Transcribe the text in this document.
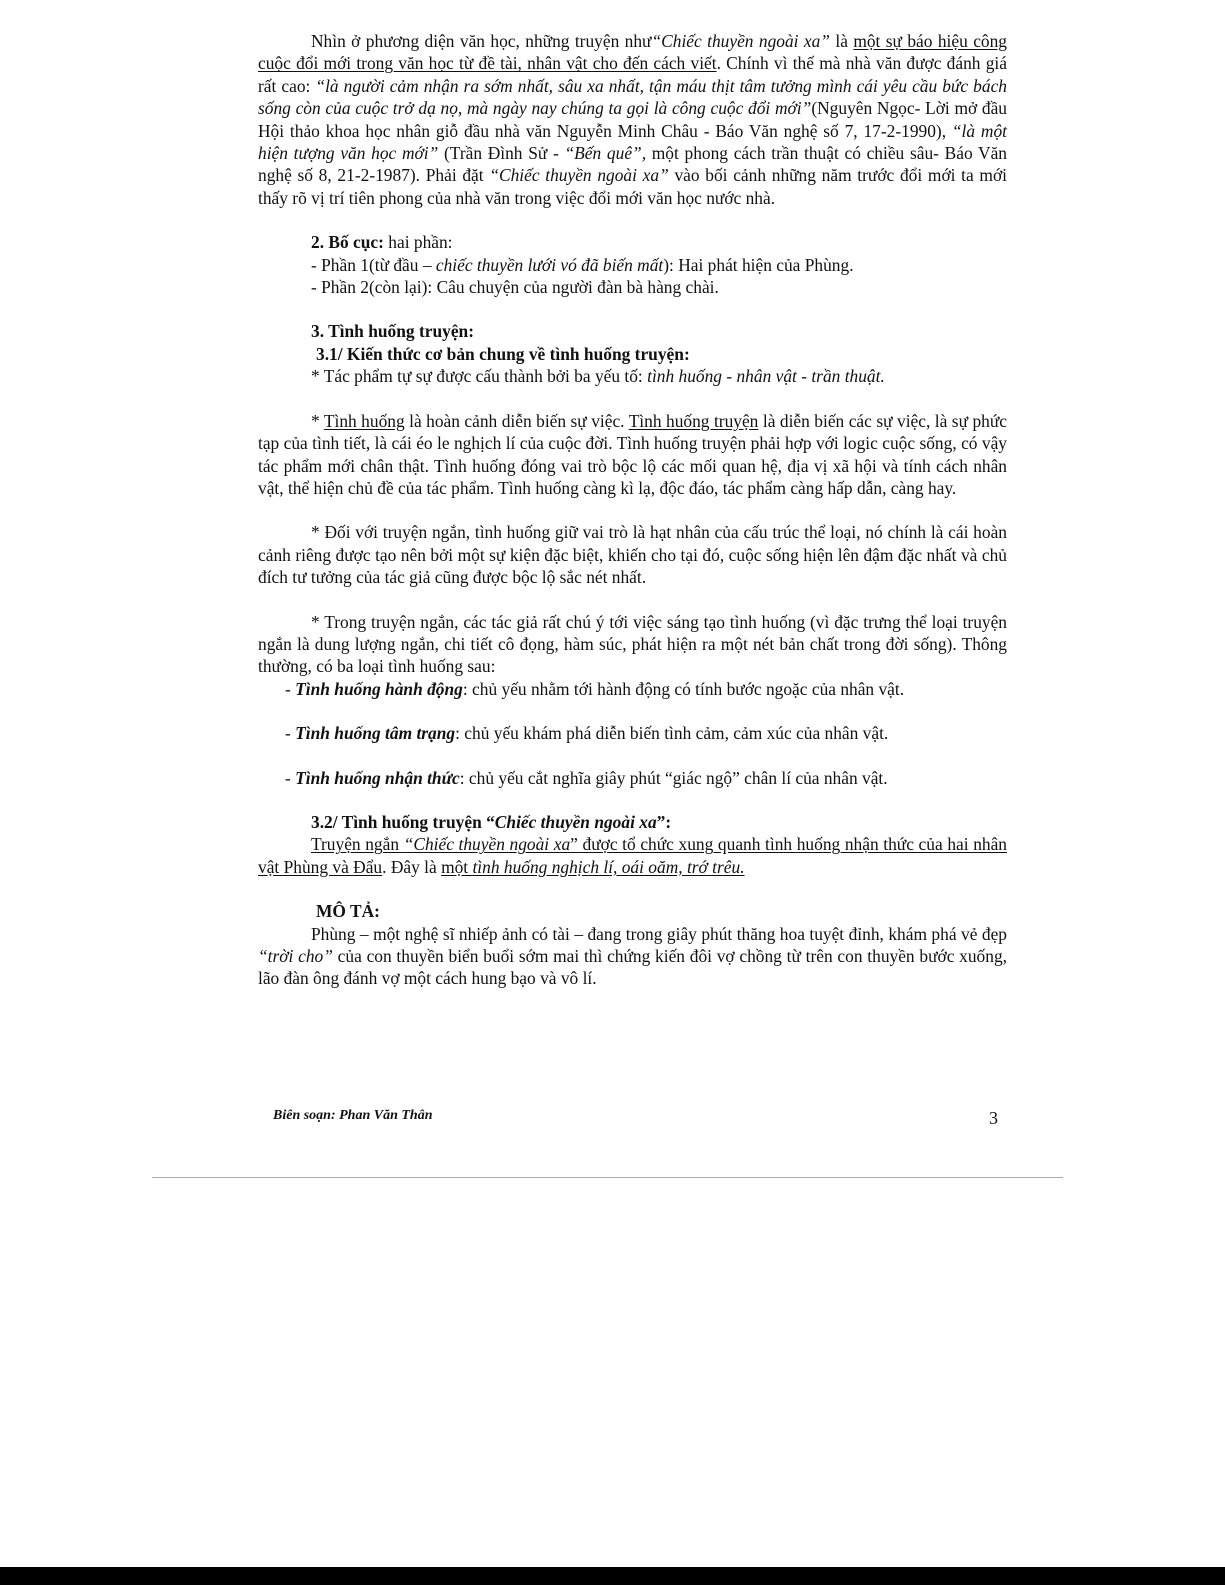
Nhìn ở phương diện văn học, những truyện như“Chiếc thuyền ngoài xa” là một sự báo hiệu công cuộc đổi mới trong văn học từ đề tài, nhân vật cho đến cách viết. Chính vì thế mà nhà văn được đánh giá rất cao: “là người cảm nhận ra sớm nhất, sâu xa nhất, tận máu thịt tâm tưởng mình cái yêu cầu bức bách sống còn của cuộc trở dạ nọ, mà ngày nay chúng ta gọi là công cuộc đổi mới”(Nguyên Ngọc- Lời mở đầu Hội thảo khoa học nhân giỗ đầu nhà văn Nguyễn Minh Châu - Báo Văn nghệ số 7, 17-2-1990), “là một hiện tượng văn học mới” (Trần Đình Sử - “Bến quê”, một phong cách trần thuật có chiều sâu- Báo Văn nghệ số 8, 21-2-1987). Phải đặt “Chiếc thuyền ngoài xa” vào bối cảnh những năm trước đổi mới ta mới thấy rõ vị trí tiên phong của nhà văn trong việc đổi mới văn học nước nhà.

2. Bố cục: hai phần:

- Phần 1(từ đầu – chiếc thuyền lưới vó đã biến mất): Hai phát hiện của Phùng.

- Phần 2(còn lại): Câu chuyện của người đàn bà hàng chài.

3. Tình huống truyện:

3.1/ Kiến thức cơ bản chung về tình huống truyện:

* Tác phẩm tự sự được cấu thành bởi ba yếu tố: tình huống - nhân vật - trần thuật.

* Tình huống là hoàn cảnh diễn biến sự việc. Tình huống truyện là diễn biến các sự việc, là sự phức tạp của tình tiết, là cái éo le nghịch lí của cuộc đời. Tình huống truyện phải hợp với logic cuộc sống, có vậy tác phẩm mới chân thật. Tình huống đóng vai trò bộc lộ các mối quan hệ, địa vị xã hội và tính cách nhân vật, thể hiện chủ đề của tác phẩm. Tình huống càng kì lạ, độc đáo, tác phẩm càng hấp dẫn, càng hay.

* Đối với truyện ngắn, tình huống giữ vai trò là hạt nhân của cấu trúc thể loại, nó chính là cái hoàn cảnh riêng được tạo nên bởi một sự kiện đặc biệt, khiến cho tại đó, cuộc sống hiện lên đậm đặc nhất và chủ đích tư tưởng của tác giả cũng được bộc lộ sắc nét nhất.

* Trong truyện ngắn, các tác giả rất chú ý tới việc sáng tạo tình huống (vì đặc trưng thể loại truyện ngắn là dung lượng ngắn, chi tiết cô đọng, hàm súc, phát hiện ra một nét bản chất trong đời sống). Thông thường, có ba loại tình huống sau:

- Tình huống hành động: chủ yếu nhằm tới hành động có tính bước ngoặc của nhân vật.

- Tình huống tâm trạng: chủ yếu khám phá diễn biến tình cảm, cảm xúc của nhân vật.

- Tình huống nhận thức: chủ yếu cắt nghĩa giây phút “giác ngộ” chân lí của nhân vật.

3.2/ Tình huống truyện “Chiếc thuyền ngoài xa”:

Truyện ngắn “Chiếc thuyền ngoài xa” được tổ chức xung quanh tình huống nhận thức của hai nhân vật Phùng và Đẩu. Đây là một tình huống nghịch lí, oái oăm, trớ trêu.

MÔ TẢ:

Phùng – một nghệ sĩ nhiếp ảnh có tài – đang trong giây phút thăng hoa tuyệt đỉnh, khám phá vẻ đẹp “trời cho” của con thuyền biển buổi sớm mai thì chứng kiến đôi vợ chồng từ trên con thuyền bước xuống, lão đàn ông đánh vợ một cách hung bạo và vô lí.

Biên soạn: Phan Văn Thân	3
